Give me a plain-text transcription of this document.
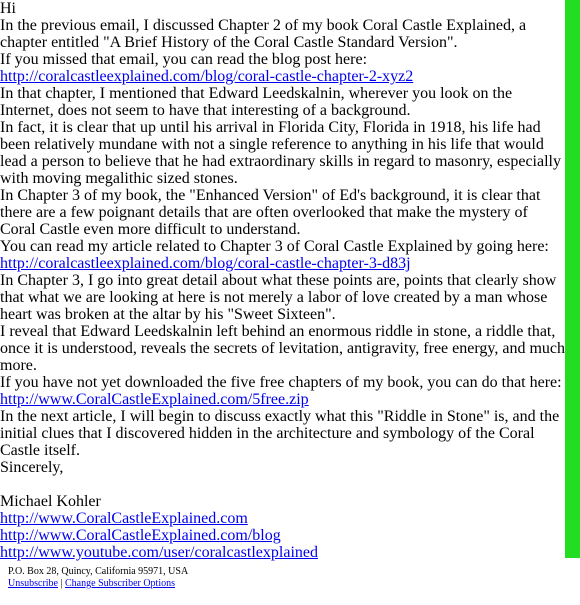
Hi

In the previous email, I discussed Chapter 2 of my book Coral Castle Explained, a chapter entitled "A Brief History of the Coral Castle Standard Version".

If you missed that email, you can read the blog post here:

http://coralcastleexplained.com/blog/coral-castle-chapter-2-xyz2

In that chapter, I mentioned that Edward Leedskalnin, wherever you look on the Internet, does not seem to have that interesting of a background.

In fact, it is clear that up until his arrival in Florida City, Florida in 1918, his life had been relatively mundane with not a single reference to anything in his life that would lead a person to believe that he had extraordinary skills in regard to masonry, especially with moving megalithic sized stones.

In Chapter 3 of my book, the "Enhanced Version" of Ed's background, it is clear that there are a few poignant details that are often overlooked that make the mystery of Coral Castle even more difficult to understand.

You can read my article related to Chapter 3 of Coral Castle Explained by going here:

http://coralcastleexplained.com/blog/coral-castle-chapter-3-d83j

In Chapter 3, I go into great detail about what these points are, points that clearly show that what we are looking at here is not merely a labor of love created by a man whose heart was broken at the altar by his "Sweet Sixteen".

I reveal that Edward Leedskalnin left behind an enormous riddle in stone, a riddle that, once it is understood, reveals the secrets of levitation, antigravity, free energy, and much more.

If you have not yet downloaded the five free chapters of my book, you can do that here:

http://www.CoralCastleExplained.com/5free.zip

In the next article, I will begin to discuss exactly what this "Riddle in Stone" is, and the initial clues that I discovered hidden in the architecture and symbology of the Coral Castle itself.

Sincerely,

Michael Kohler

http://www.CoralCastleExplained.com

http://www.CoralCastleExplained.com/blog

http://www.youtube.com/user/coralcastlexplained

P.O. Box 28, Quincy, California 95971, USA
Unsubscribe | Change Subscriber Options
